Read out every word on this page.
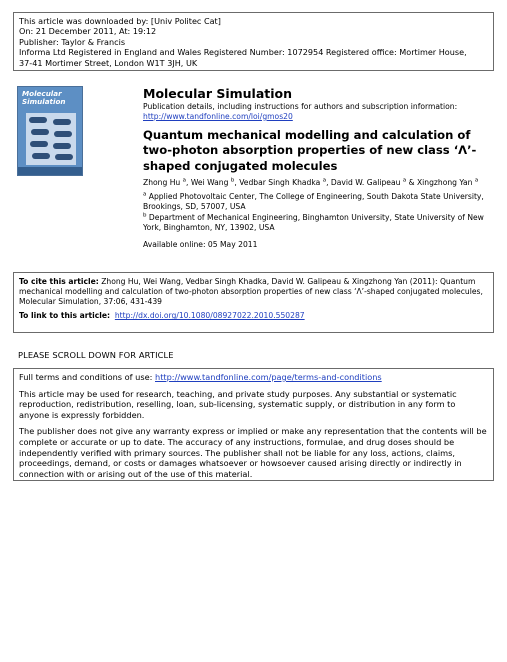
This article was downloaded by: [Univ Politec Cat]
On: 21 December 2011, At: 19:12
Publisher: Taylor & Francis
Informa Ltd Registered in England and Wales Registered Number: 1072954 Registered office: Mortimer House,
37-41 Mortimer Street, London W1T 3JH, UK
Molecular
Simulation
Molecular Simulation
Publication details, including instructions for authors and subscription information:
http://www.tandfonline.com/loi/gmos20
Quantum mechanical modelling and calculation of two-photon absorption properties of new class ‘Λ’-shaped conjugated molecules
Zhong Hu $^a$, Wei Wang $^b$, Vedbar Singh Khadka $^a$, David W. Galipeau $^a$ & Xingzhong Yan $^a$
$^a$ Applied Photovoltaic Center, The College of Engineering, South Dakota State University, Brookings, SD, 57007, USA
$^b$ Department of Mechanical Engineering, Binghamton University, State University of New York, Binghamton, NY, 13902, USA
Available online: 05 May 2011
To cite this article: Zhong Hu, Wei Wang, Vedbar Singh Khadka, David W. Galipeau & Xingzhong Yan (2011): Quantum mechanical modelling and calculation of two-photon absorption properties of new class ‘Λ’-shaped conjugated molecules, Molecular Simulation, 37:06, 431-439
To link to this article: http://dx.doi.org/10.1080/08927022.2010.550287
PLEASE SCROLL DOWN FOR ARTICLE

Full terms and conditions of use: http://www.tandfonline.com/page/terms-and-conditions

This article may be used for research, teaching, and private study purposes. Any substantial or systematic reproduction, redistribution, reselling, loan, sub-licensing, systematic supply, or distribution in any form to anyone is expressly forbidden.

The publisher does not give any warranty express or implied or make any representation that the contents will be complete or accurate or up to date. The accuracy of any instructions, formulae, and drug doses should be independently verified with primary sources. The publisher shall not be liable for any loss, actions, claims, proceedings, demand, or costs or damages whatsoever or howsoever caused arising directly or indirectly in connection with or arising out of the use of this material.
